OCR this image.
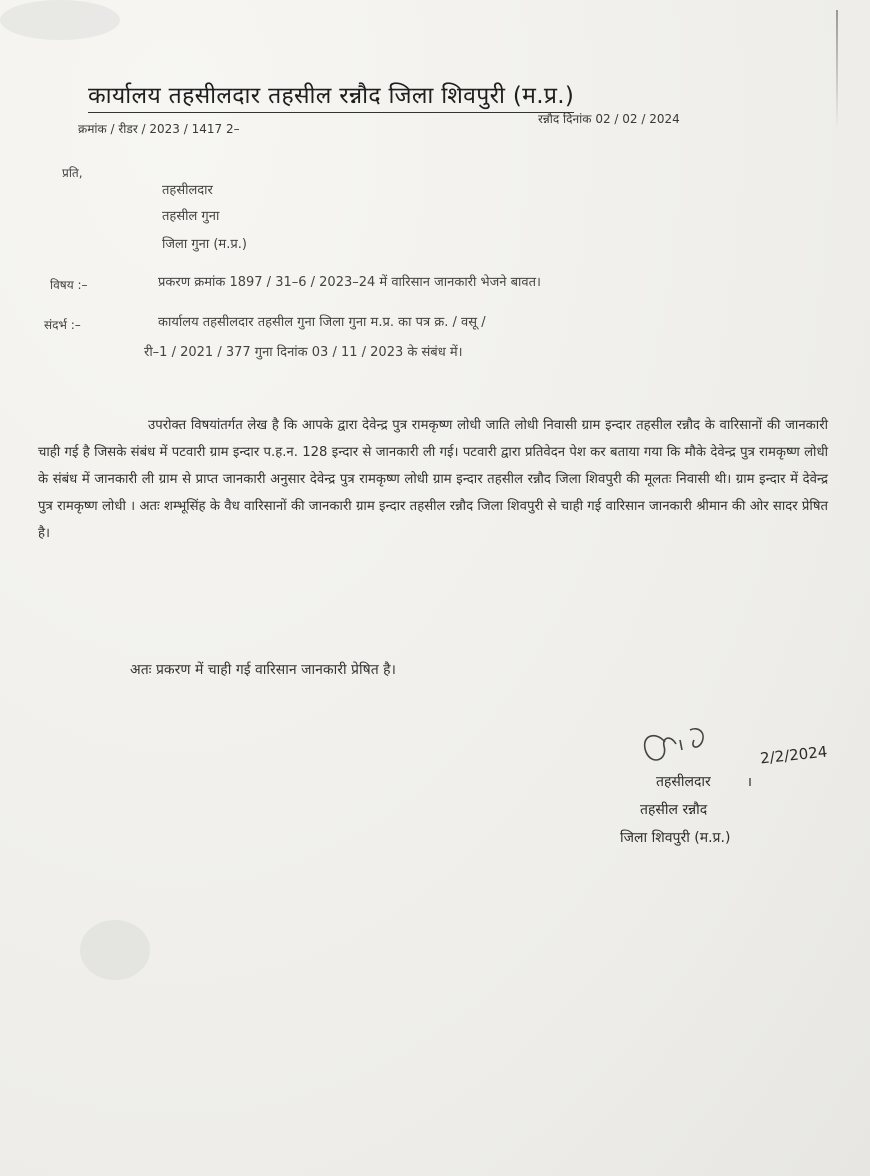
कार्यालय तहसीलदार तहसील रन्नौद जिला शिवपुरी (म.प्र.)
क्रमांक / रीडर / 2023 / 1417 2–
रन्नौद दिनांक 02 / 02 / 2024
प्रति,
तहसीलदार
तहसील गुना
जिला गुना (म.प्र.)
विषय :–	प्रकरण क्रमांक 1897 / 31–6 / 2023–24 में वारिसान जानकारी भेजने बावत।
संदर्भ :–	कार्यालय तहसीलदार तहसील गुना जिला गुना म.प्र. का पत्र क्र. / वसू /
री–1 / 2021 / 377 गुना दिनांक 03 / 11 / 2023 के संबंध में।
उपरोक्त विषयांतर्गत लेख है कि आपके द्वारा देवेन्द्र पुत्र रामकृष्ण लोधी जाति लोधी निवासी ग्राम इन्दार तहसील रन्नौद के वारिसानों की जानकारी चाही गई है जिसके संबंध में पटवारी ग्राम इन्दार प.ह.न. 128 इन्दार से जानकारी ली गई। पटवारी द्वारा प्रतिवेदन पेश कर बताया गया कि मौके देवेन्द्र पुत्र रामकृष्ण लोधी के संबंध में जानकारी ली ग्राम से प्राप्त जानकारी अनुसार देवेन्द्र पुत्र रामकृष्ण लोधी ग्राम इन्दार तहसील रन्नौद जिला शिवपुरी की मूलतः निवासी थी। ग्राम इन्दार में देवेन्द्र पुत्र रामकृष्ण लोधी । अतः शम्भूसिंह के वैध वारिसानों की जानकारी ग्राम इन्दार तहसील रन्नौद जिला शिवपुरी से चाही गई वारिसान जानकारी श्रीमान की ओर सादर प्रेषित है।
अतः प्रकरण में चाही गई वारिसान जानकारी प्रेषित है।
2/2/2024
तहसीलदार
तहसील रन्नौद
जिला शिवपुरी (म.प्र.)
